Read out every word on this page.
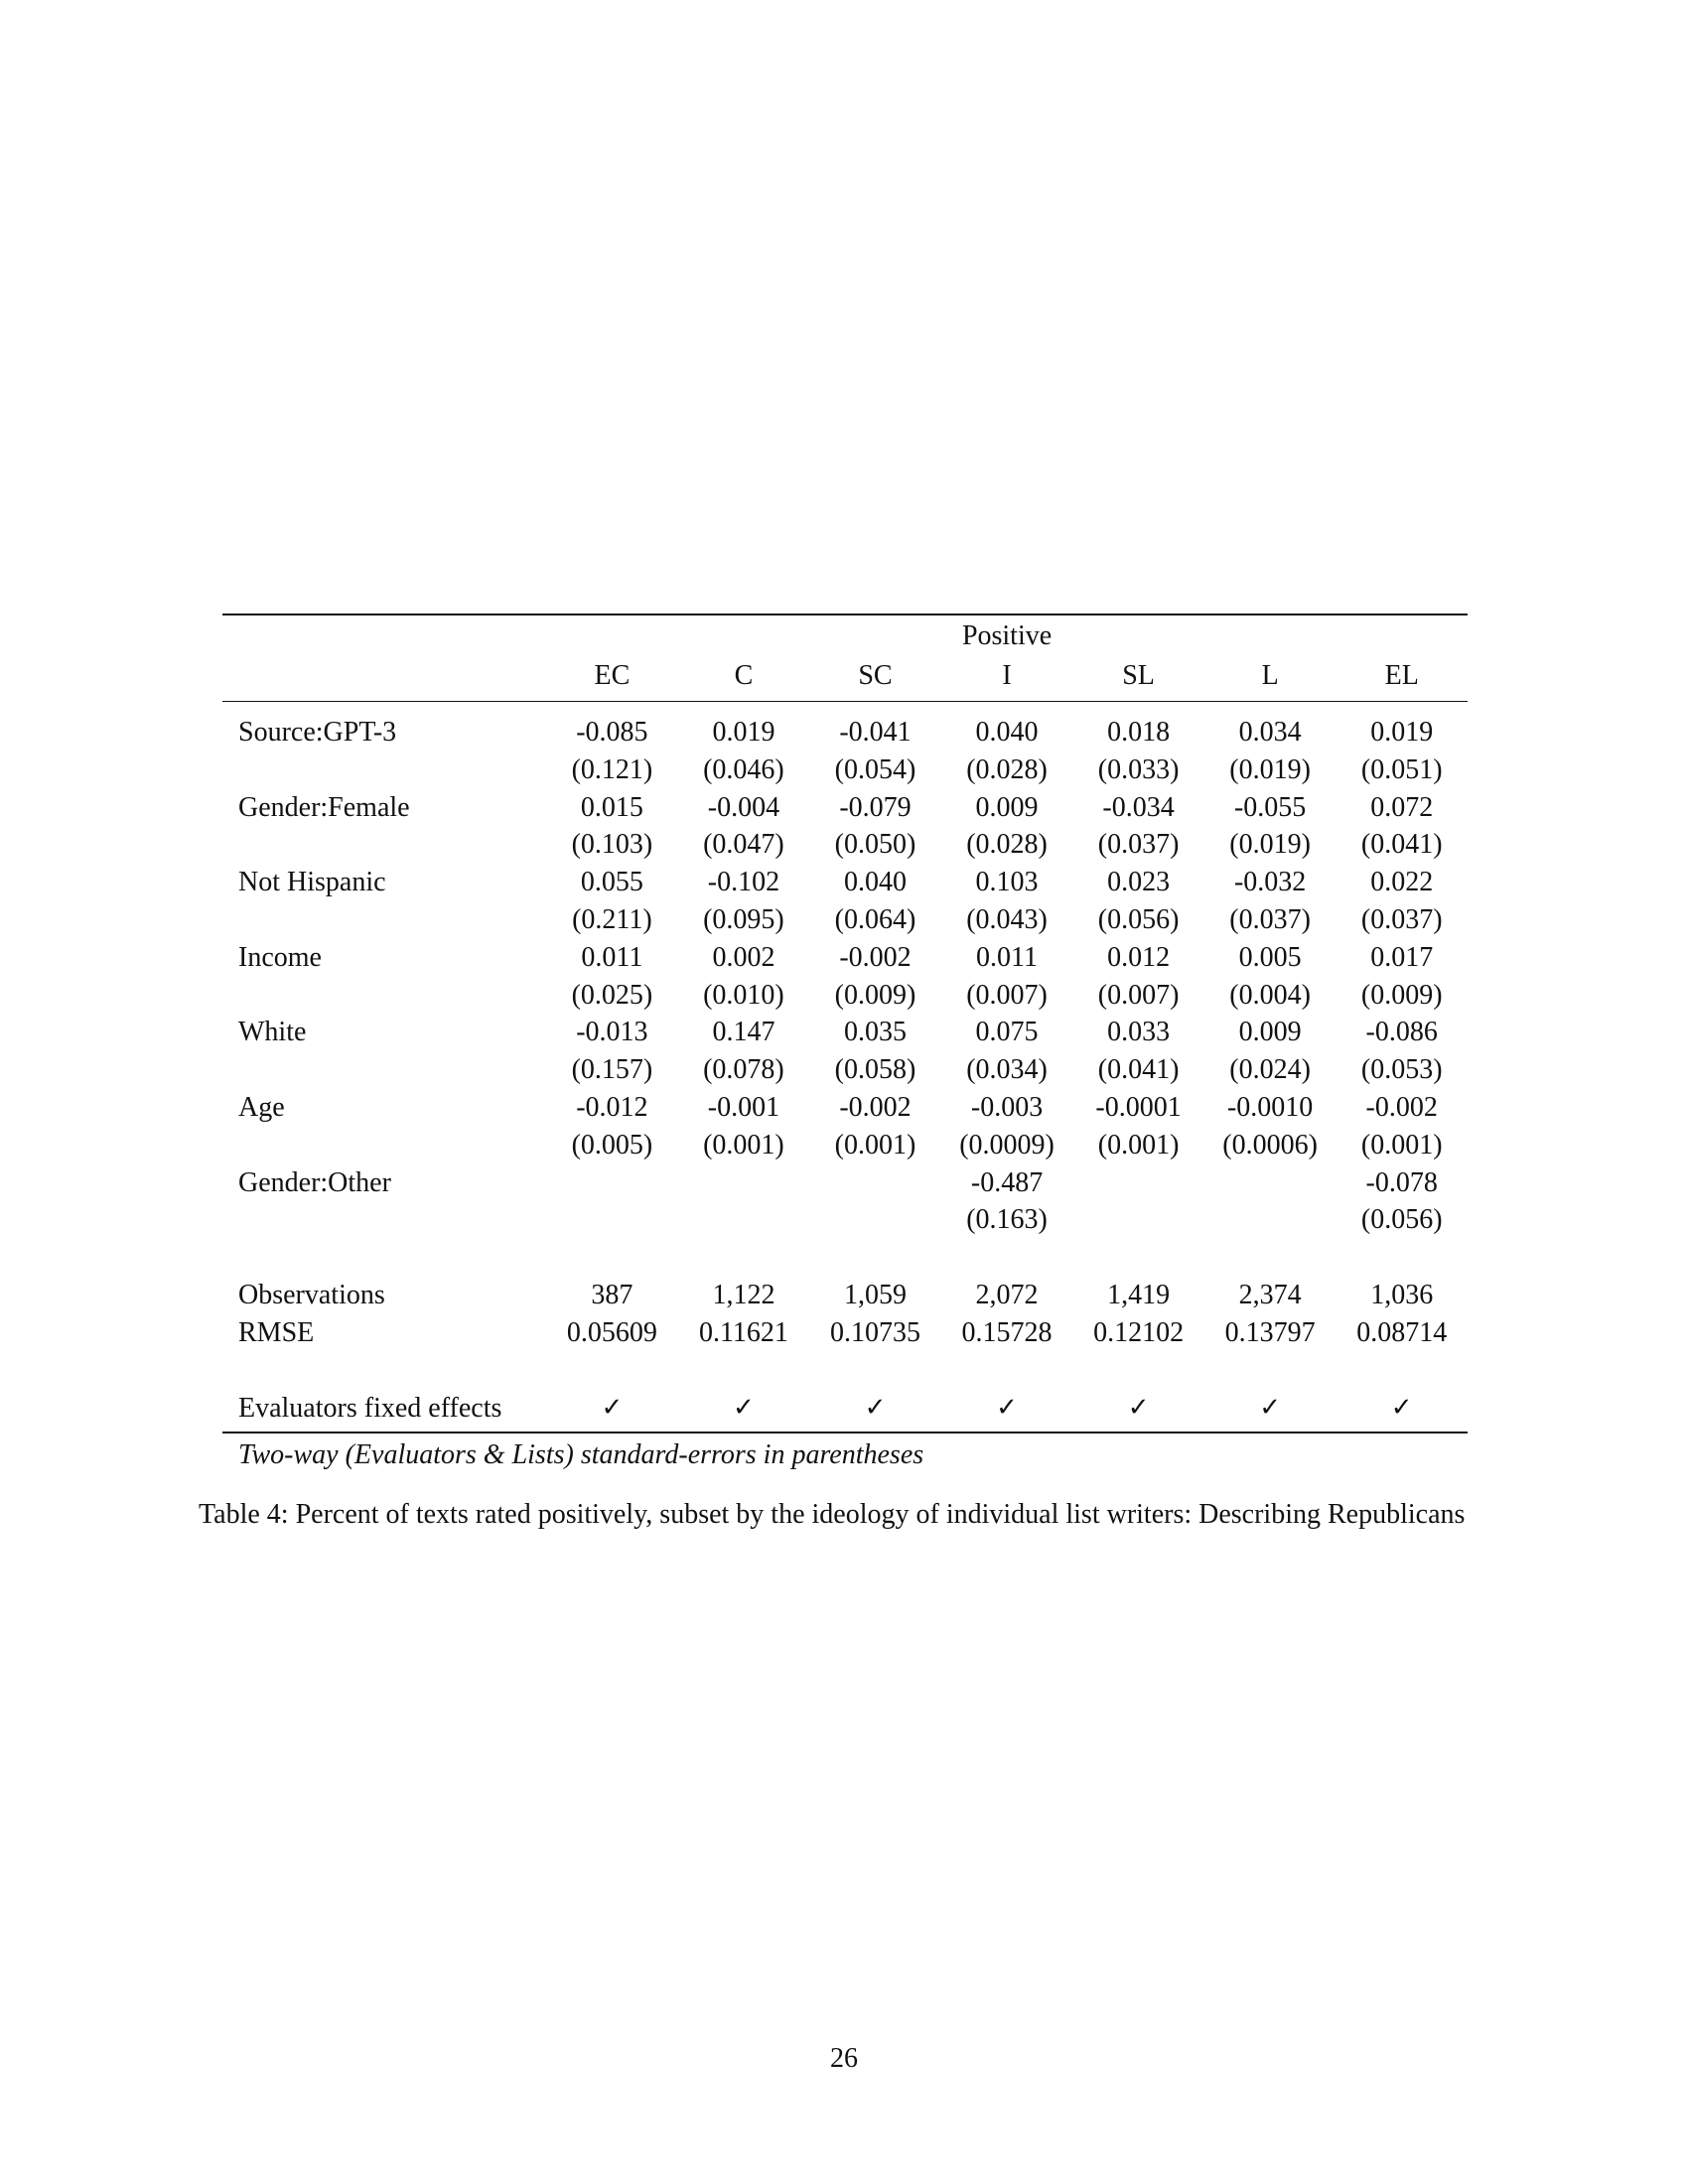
	Positive						
	EC	C	SC	I	SL	L	EL
Source:GPT-3	-0.085	0.019	-0.041	0.040	0.018	0.034	0.019
	(0.121)	(0.046)	(0.054)	(0.028)	(0.033)	(0.019)	(0.051)
Gender:Female	0.015	-0.004	-0.079	0.009	-0.034	-0.055	0.072
	(0.103)	(0.047)	(0.050)	(0.028)	(0.037)	(0.019)	(0.041)
Not Hispanic	0.055	-0.102	0.040	0.103	0.023	-0.032	0.022
	(0.211)	(0.095)	(0.064)	(0.043)	(0.056)	(0.037)	(0.037)
Income	0.011	0.002	-0.002	0.011	0.012	0.005	0.017
	(0.025)	(0.010)	(0.009)	(0.007)	(0.007)	(0.004)	(0.009)
White	-0.013	0.147	0.035	0.075	0.033	0.009	-0.086
	(0.157)	(0.078)	(0.058)	(0.034)	(0.041)	(0.024)	(0.053)
Age	-0.012	-0.001	-0.002	-0.003	-0.0001	-0.0010	-0.002
	(0.005)	(0.001)	(0.001)	(0.0009)	(0.001)	(0.0006)	(0.001)
Gender:Other				-0.487			-0.078
				(0.163)			(0.056)

Observations	387	1,122	1,059	2,072	1,419	2,374	1,036
RMSE	0.05609	0.11621	0.10735	0.15728	0.12102	0.13797	0.08714

Evaluators fixed effects	✓	✓	✓	✓	✓	✓	✓
Two-way (Evaluators & Lists) standard-errors in parentheses
Table 4: Percent of texts rated positively, subset by the ideology of individual list writers: Describing Republicans
26
